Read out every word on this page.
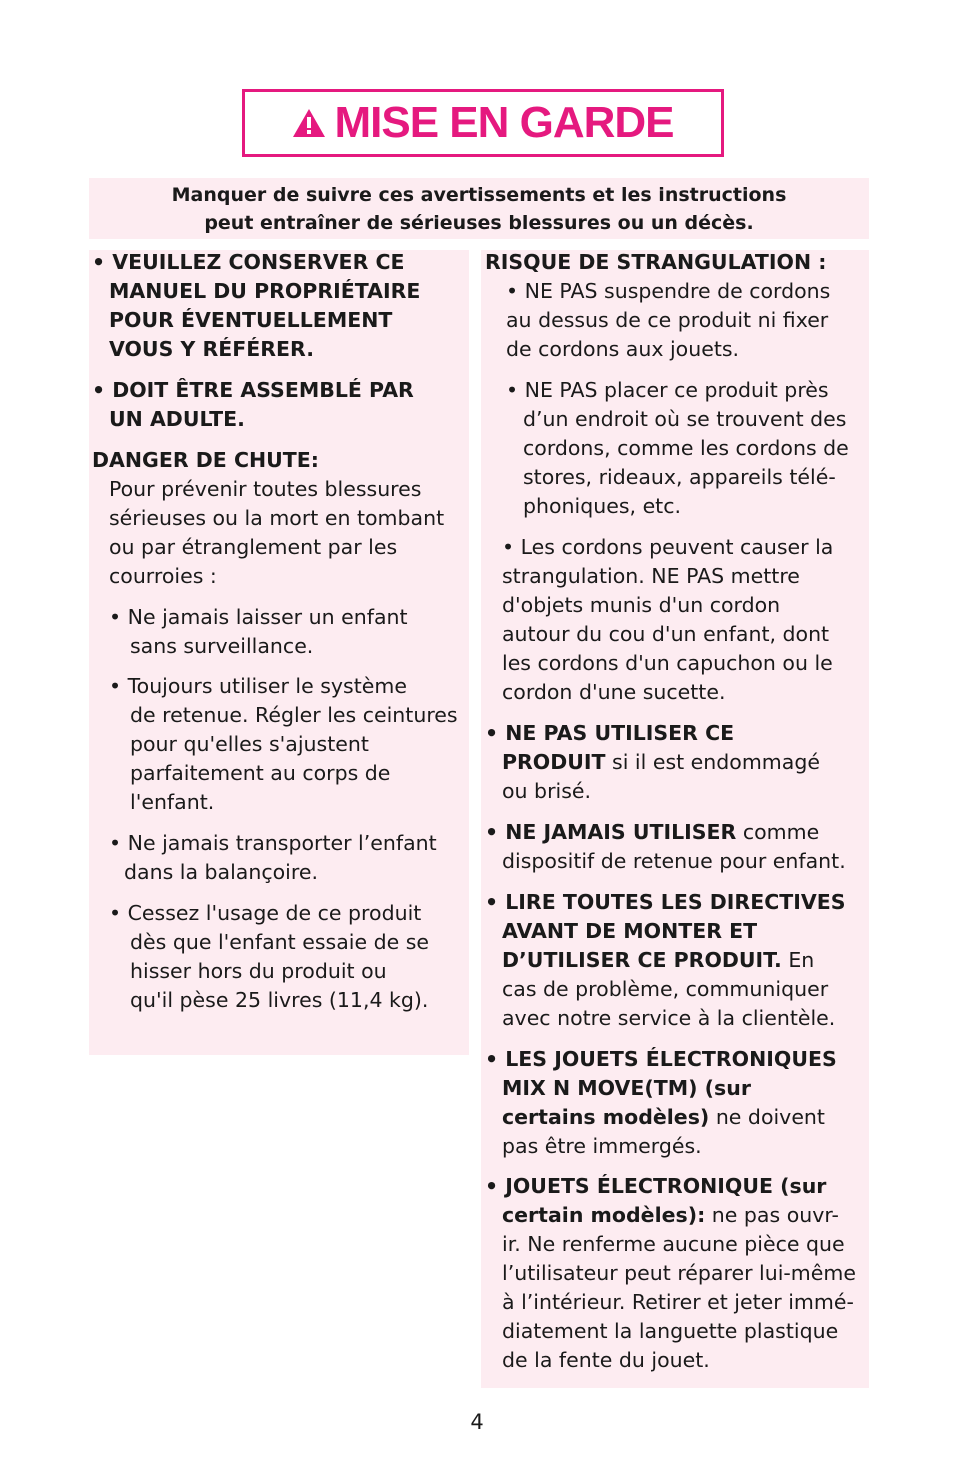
MISE EN GARDE
Manquer de suivre ces avertissements et les instructions
peut entraîner de sérieuses blessures ou un décès.
• VEUILLEZ CONSERVER CE
MANUEL DU PROPRIÉTAIRE
POUR ÉVENTUELLEMENT
VOUS Y RÉFÉRER.
• DOIT ÊTRE ASSEMBLÉ PAR
UN ADULTE.
DANGER DE CHUTE:
Pour prévenir toutes blessures
sérieuses ou la mort en tombant
ou par étranglement par les
courroies :
• Ne jamais laisser un enfant
sans surveillance.
• Toujours utiliser le système
de retenue. Régler les ceintures
pour qu'elles s'ajustent
parfaitement au corps de
l'enfant.
• Ne jamais transporter l’enfant
dans la balançoire.
• Cessez l'usage de ce produit
dès que l'enfant essaie de se
hisser hors du produit ou
qu'il pèse 25 livres (11,4 kg).
RISQUE DE STRANGULATION :
• NE PAS suspendre de cordons
au dessus de ce produit ni fixer
de cordons aux jouets.
• NE PAS placer ce produit près
d’un endroit où se trouvent des
cordons, comme les cordons de
stores, rideaux, appareils télé-
phoniques, etc.
• Les cordons peuvent causer la
strangulation. NE PAS mettre
d'objets munis d'un cordon
autour du cou d'un enfant, dont
les cordons d'un capuchon ou le
cordon d'une sucette.
• NE PAS UTILISER CE
PRODUIT si il est endommagé
ou brisé.
• NE JAMAIS UTILISER comme
dispositif de retenue pour enfant.
• LIRE TOUTES LES DIRECTIVES
AVANT DE MONTER ET
D’UTILISER CE PRODUIT. En
cas de problème, communiquer
avec notre service à la clientèle.
• LES JOUETS ÉLECTRONIQUES
MIX N MOVE(TM) (sur
certains modèles) ne doivent
pas être immergés.
• JOUETS ÉLECTRONIQUE (sur
certain modèles): ne pas ouvr-
ir. Ne renferme aucune pièce que
l’utilisateur peut réparer lui-même
à l’intérieur. Retirer et jeter immé-
diatement la languette plastique
de la fente du jouet.
4
